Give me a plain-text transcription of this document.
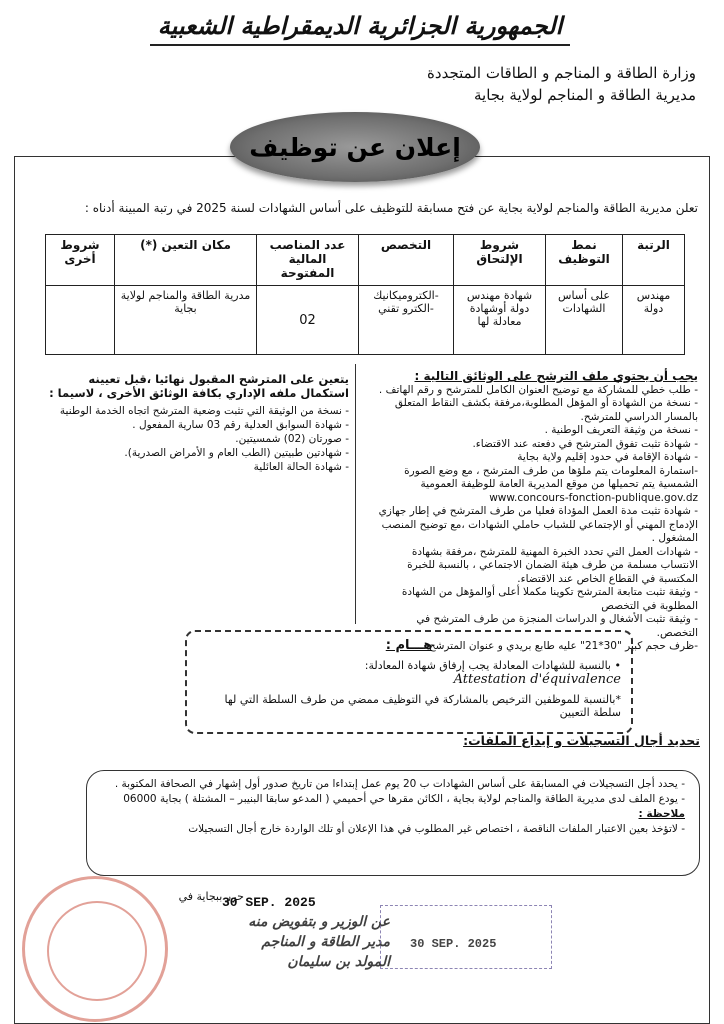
الجمهورية الجزائرية الديمقراطية الشعبية
وزارة الطاقة و المناجم و الطاقات المتجددة
مديرية الطاقة و المناجم لولاية بجاية
إعلان عن توظيف
تعلن مديرية الطاقة والمناجم لولاية بجاية عن فتح مسابقة للتوظيف على أساس الشهادات لسنة 2025 في رتبة المبينة أدناه :
الرتبة	نمط التوظيف	شروط الإلتحاق	التخصص	عدد المناصب المالية المفتوحة	مكان التعين (*)	شروط أخرى
مهندس دولة	على أساس الشهادات	شهادة مهندس دولة أوشهادة معادلة لها	-الكتروميكانيك -الكترو تقني	02	مدرية الطاقة والمناجم لولاية بجاية	
يجب أن يحتوي ملف الترشح على الوثائق التالية :
- طلب خطي للمشاركة مع توضيح العنوان الكامل للمترشح و رقم الهاتف .
- نسخة من الشهادة أو المؤهل المطلوبة،مرفقة بكشف النقاط المتعلق بالمسار الدراسي للمترشح.
- نسخة من وثيقة التعريف الوطنية .
- شهادة تثبت تفوق المترشح في دفعته عند الاقتضاء.
- شهادة الإقامة في حدود إقليم ولاية بجاية
-استمارة المعلومات يتم ملؤها من طرف المترشح ، مع وضع الصورة الشمسية يتم تحميلها من موقع المديرية العامة للوظيفة العمومية www.concours-fonction-publique.gov.dz
- شهادة تثبت مدة العمل المؤداة فعليا من طرف المترشح في إطار جهازي الإدماج المهني أو الإجتماعي للشباب حاملي الشهادات ،مع توضيح المنصب المشغول .
- شهادات العمل التي تحدد الخبرة المهنية للمترشح ،مرفقة بشهادة الانتساب مسلمة من طرف هيئة الضمان الاجتماعي ، بالنسبة للخبرة المكتسبة في القطاع الخاص عند الاقتضاء.
- وثيقة تثبت متابعة المترشح تكوينا مكملا أعلى أوالمؤهل من الشهادة المطلوبة في التخصص
- وثيقة تثبت الأشغال و الدراسات المنجزة من طرف المترشح في التخصص.
-ظرف حجم كبير "30*21" عليه طابع بريدي و عنوان المترشح
يتعين على المترشح المقبول نهائيا ،قبل تعيينه
استكمال ملفه الإداري بكافة الوثائق الأخرى ، لاسيما :
- نسخة من الوثيقة التي تثبت وضعية المترشح اتجاه الخدمة الوطنية
- شهادة السوابق العدلية رقم 03 سارية المفعول .
- صورتان (02) شمسيتين.
- شهادتين طبيتين (الطب العام و الأمراض الصدرية).
- شهادة الحالة العائلية
هـــام :
• بالنسبة للشهادات المعادلة يجب إرفاق شهادة المعادلة: Attestation d'équivalence
*بالنسبة للموظفين الترخيص بالمشاركة في التوظيف ممضي من طرف السلطة التي لها سلطة التعيين
تحديد أجال التسجيلات و إيداع الملفات:
- يحدد أجل التسجيلات في المسابقة على أساس الشهادات ب 20 يوم عمل إبتداءا من تاريخ صدور أول إشهار في الصحافة المكتوبة .
- يودع الملف لدى مديرية الطاقة والمناجم لولاية بجاية ، الكائن مقرها حي أحميمي ( المدعو سابقا البنيبر – المشتلة ) بجاية 06000
ملاحظة :
- لاتؤخذ بعين الاعتبار الملفات الناقصة ، اختصاص غير المطلوب في هذا الإعلان أو تلك الواردة خارج أجال التسجيلات
حرر ببجاية في
30 SEP. 2025
عن الوزير و بتفويض منه
مدير الطاقة و المناجم
المولد بن سليمان
30 SEP. 2025
